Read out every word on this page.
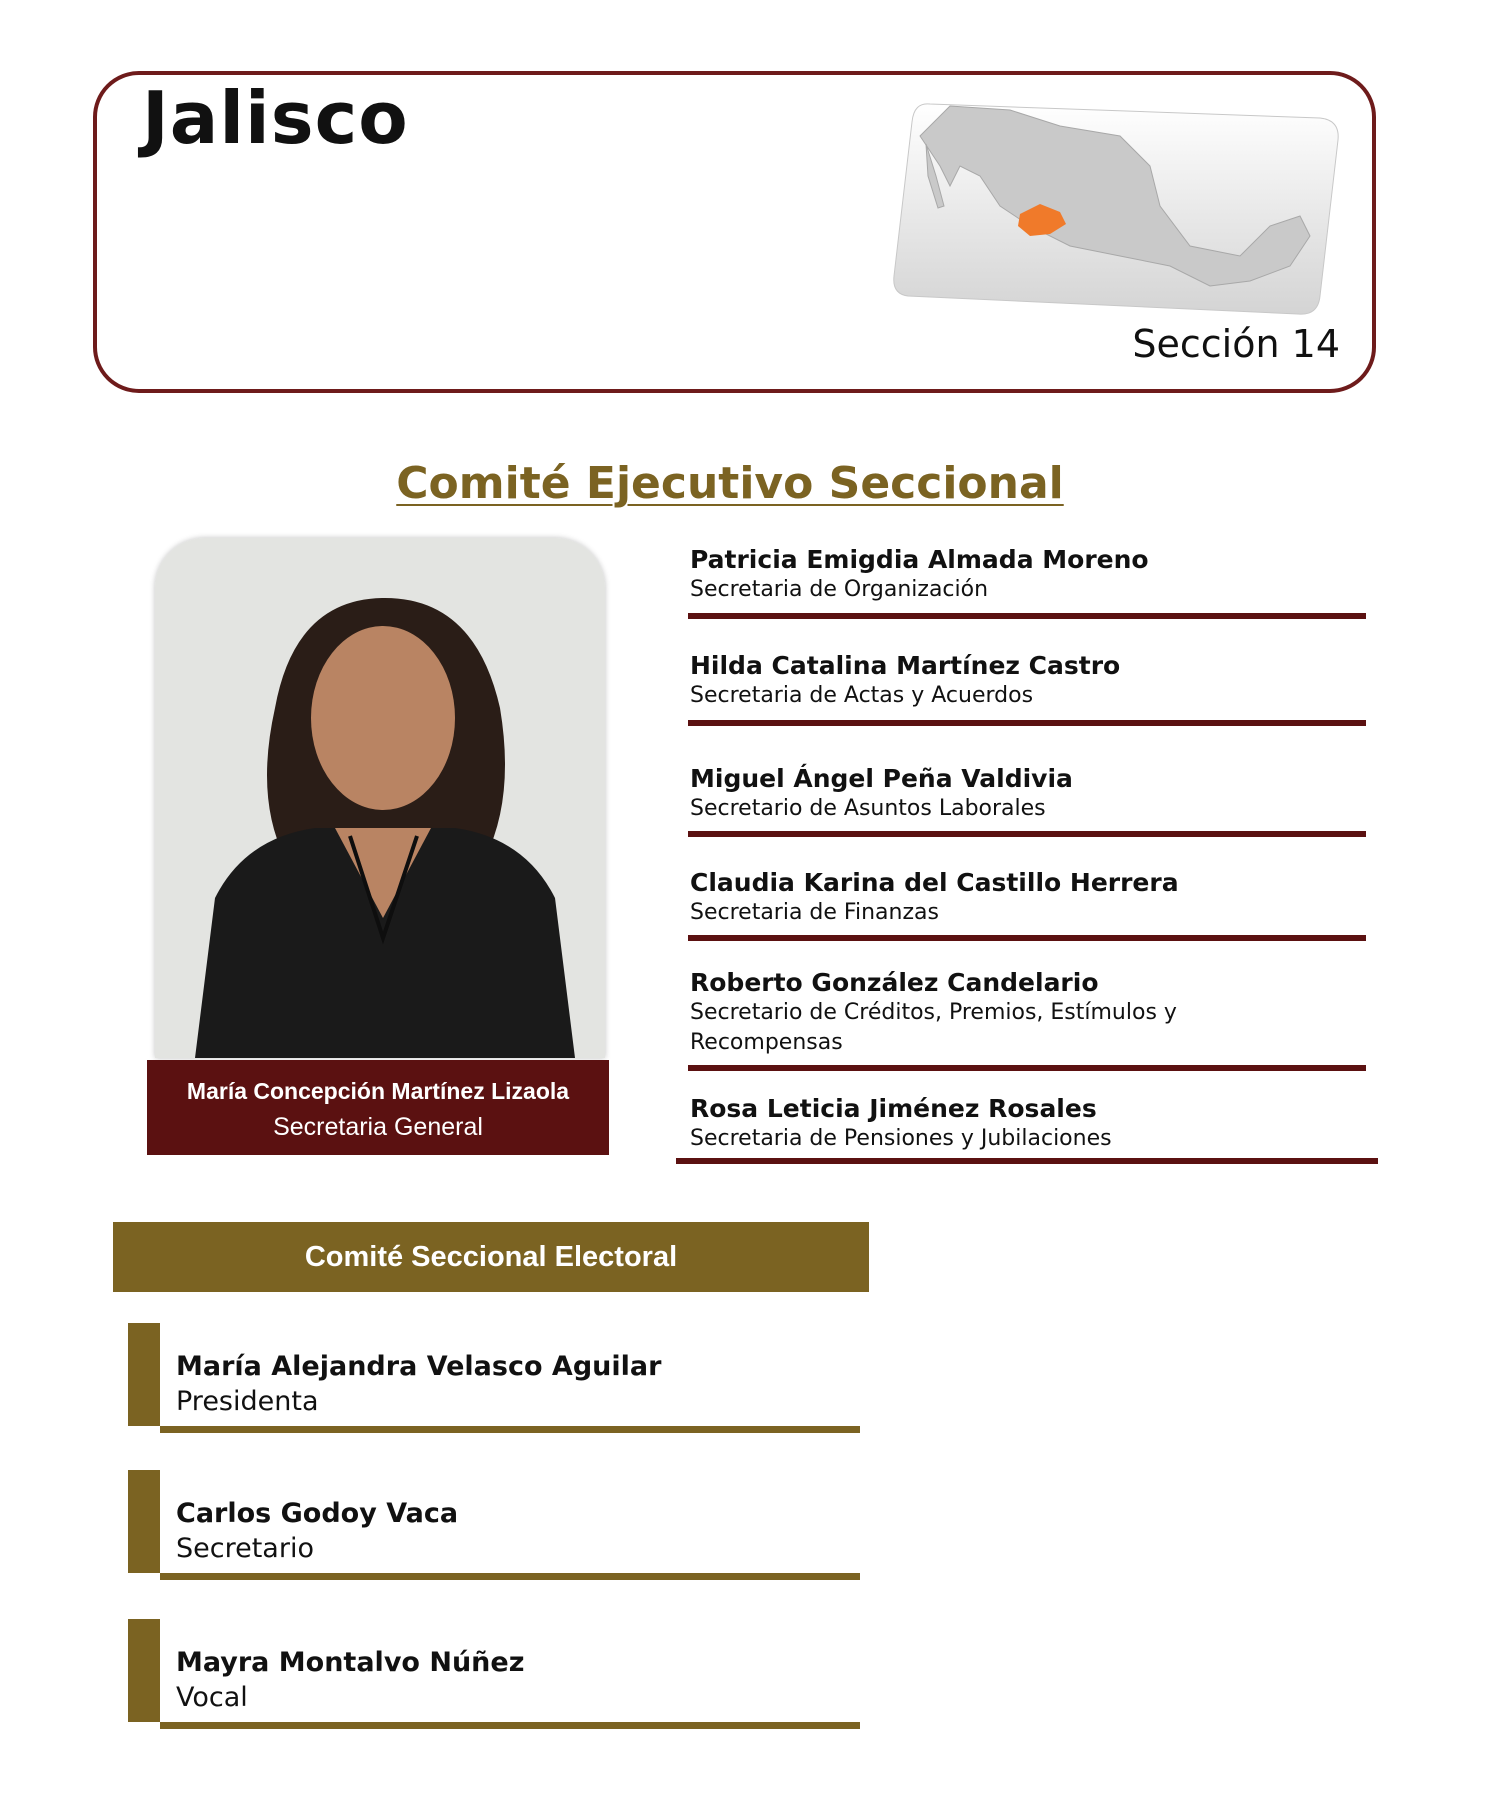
Jalisco
Sección 14
Comité Ejecutivo Seccional
María Concepción Martínez Lizaola
Secretaria General
Patricia Emigdia Almada Moreno
Secretaria de Organización
Hilda Catalina Martínez Castro
Secretaria de Actas y Acuerdos
Miguel Ángel Peña Valdivia
Secretario de Asuntos Laborales
Claudia Karina del Castillo Herrera
Secretaria de Finanzas
Roberto González Candelario
Secretario de Créditos, Premios, Estímulos y Recompensas
Rosa Leticia Jiménez Rosales
Secretaria de Pensiones y Jubilaciones
Comité Seccional Electoral
María Alejandra Velasco Aguilar
Presidenta
Carlos Godoy Vaca
Secretario
Mayra Montalvo Núñez
Vocal
